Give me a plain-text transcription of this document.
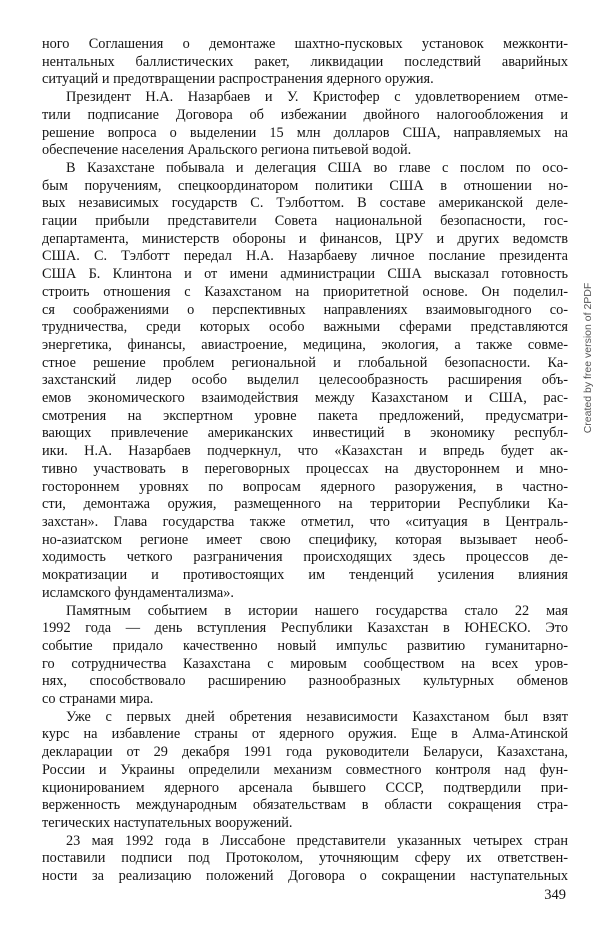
ного Соглашения о демонтаже шахтно-пусковых установок межконти-
нентальных баллистических ракет, ликвидации последствий аварийных
ситуаций и предотвращении распространения ядерного оружия.
Президент Н.А. Назарбаев и У. Кристофер с удовлетворением отме-
тили подписание Договора об избежании двойного налогообложения и
решение вопроса о выделении 15 млн долларов США, направляемых на
обеспечение населения Аральского региона питьевой водой.
В Казахстане побывала и делегация США во главе с послом по осо-
бым поручениям, спецкоординатором политики США в отношении но-
вых независимых государств С. Тэлботтом. В составе американской деле-
гации прибыли представители Совета национальной безопасности, гос-
департамента, министерств обороны и финансов, ЦРУ и других ведомств
США. С. Тэлботт передал Н.А. Назарбаеву личное послание президента
США Б. Клинтона и от имени администрации США высказал готовность
строить отношения с Казахстаном на приоритетной основе. Он поделил-
ся соображениями о перспективных направлениях взаимовыгодного со-
трудничества, среди которых особо важными сферами представляются
энергетика, финансы, авиастроение, медицина, экология, а также совме-
стное решение проблем региональной и глобальной безопасности. Ка-
захстанский лидер особо выделил целесообразность расширения объ-
емов экономического взаимодействия между Казахстаном и США, рас-
смотрения на экспертном уровне пакета предложений, предусматри-
вающих привлечение американских инвестиций в экономику республ-
ики. Н.А. Назарбаев подчеркнул, что «Казахстан и впредь будет ак-
тивно участвовать в переговорных процессах на двустороннем и мно-
гостороннем уровнях по вопросам ядерного разоружения, в частно-
сти, демонтажа оружия, размещенного на территории Республики Ка-
захстан». Глава государства также отметил, что «ситуация в Централь-
но-азиатском регионе имеет свою специфику, которая вызывает необ-
ходимость четкого разграничения происходящих здесь процессов де-
мократизации и противостоящих им тенденций усиления влияния
исламского фундаментализма».
Памятным событием в истории нашего государства стало 22 мая
1992 года — день вступления Республики Казахстан в ЮНЕСКО. Это
событие придало качественно новый импульс развитию гуманитарно-
го сотрудничества Казахстана с мировым сообществом на всех уров-
нях, способствовало расширению разнообразных культурных обменов
со странами мира.
Уже с первых дней обретения независимости Казахстаном был взят
курс на избавление страны от ядерного оружия. Еще в Алма-Атинской
декларации от 29 декабря 1991 года руководители Беларуси, Казахстана,
России и Украины определили механизм совместного контроля над фун-
кционированием ядерного арсенала бывшего СССР, подтвердили при-
верженность международным обязательствам в области сокращения стра-
тегических наступательных вооружений.
23 мая 1992 года в Лиссабоне представители указанных четырех стран
поставили подписи под Протоколом, уточняющим сферу их ответствен-
ности за реализацию положений Договора о сокращении наступательных
349
Created by free version of 2PDF
